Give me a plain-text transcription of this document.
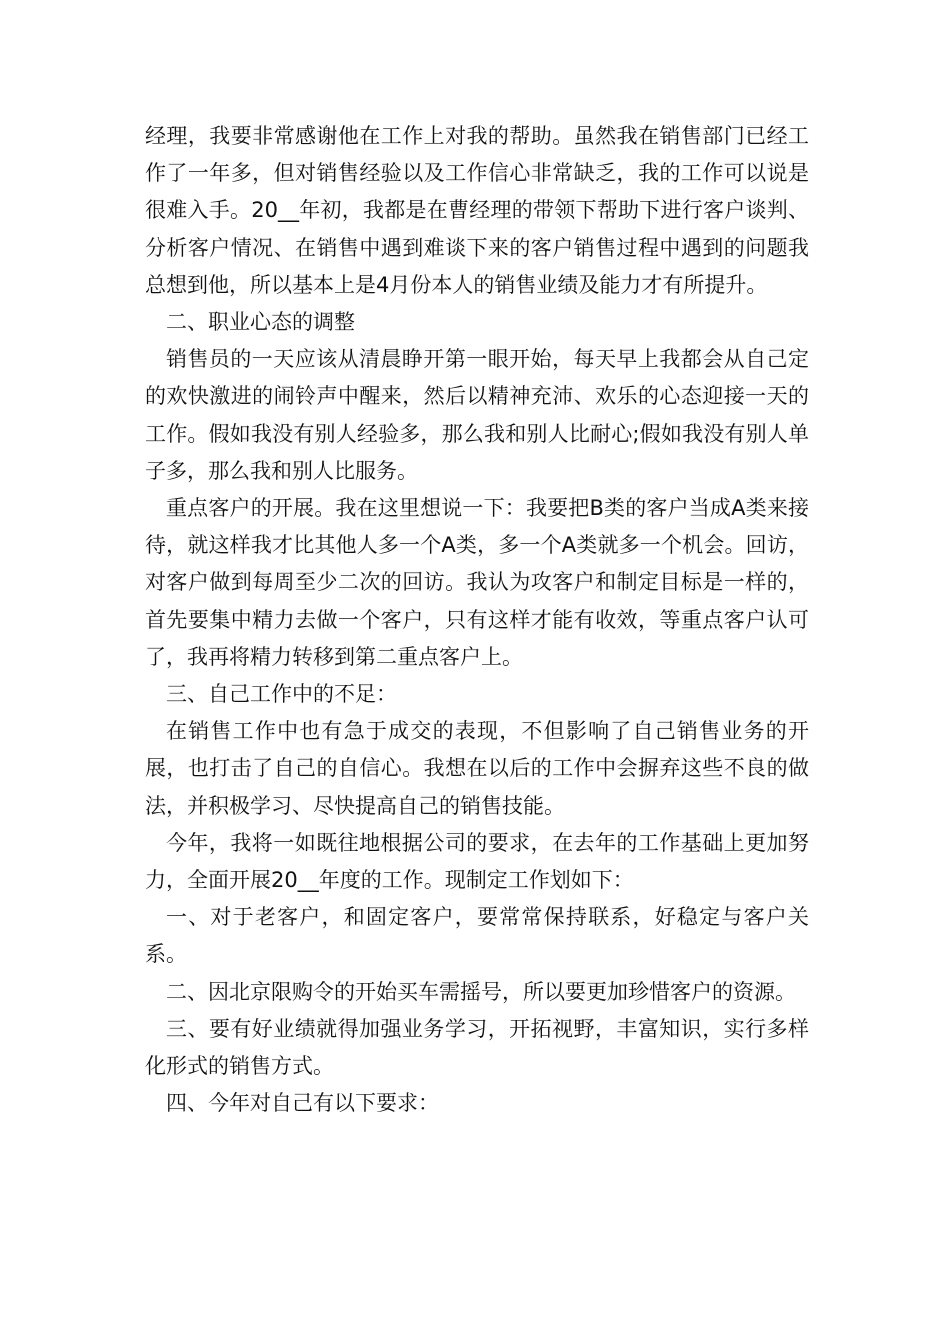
经理，我要非常感谢他在工作上对我的帮助。虽然我在销售部门已经工作了一年多，但对销售经验以及工作信心非常缺乏，我的工作可以说是很难入手。20__年初，我都是在曹经理的带领下帮助下进行客户谈判、分析客户情况、在销售中遇到难谈下来的客户销售过程中遇到的问题我总想到他，所以基本上是4月份本人的销售业绩及能力才有所提升。

二、职业心态的调整

销售员的一天应该从清晨睁开第一眼开始，每天早上我都会从自己定的欢快激进的闹铃声中醒来，然后以精神充沛、欢乐的心态迎接一天的工作。假如我没有别人经验多，那么我和别人比耐心;假如我没有别人单子多，那么我和别人比服务。

重点客户的开展。我在这里想说一下：我要把B类的客户当成A类来接待，就这样我才比其他人多一个A类，多一个A类就多一个机会。回访，对客户做到每周至少二次的回访。我认为攻客户和制定目标是一样的，首先要集中精力去做一个客户，只有这样才能有收效，等重点客户认可了，我再将精力转移到第二重点客户上。

三、自己工作中的不足：

在销售工作中也有急于成交的表现，不但影响了自己销售业务的开展，也打击了自己的自信心。我想在以后的工作中会摒弃这些不良的做法，并积极学习、尽快提高自己的销售技能。

今年，我将一如既往地根据公司的要求，在去年的工作基础上更加努力，全面开展20__年度的工作。现制定工作划如下：

一、对于老客户，和固定客户，要常常保持联系，好稳定与客户关系。

二、因北京限购令的开始买车需摇号，所以要更加珍惜客户的资源。

三、要有好业绩就得加强业务学习，开拓视野，丰富知识，实行多样化形式的销售方式。

四、今年对自己有以下要求：
